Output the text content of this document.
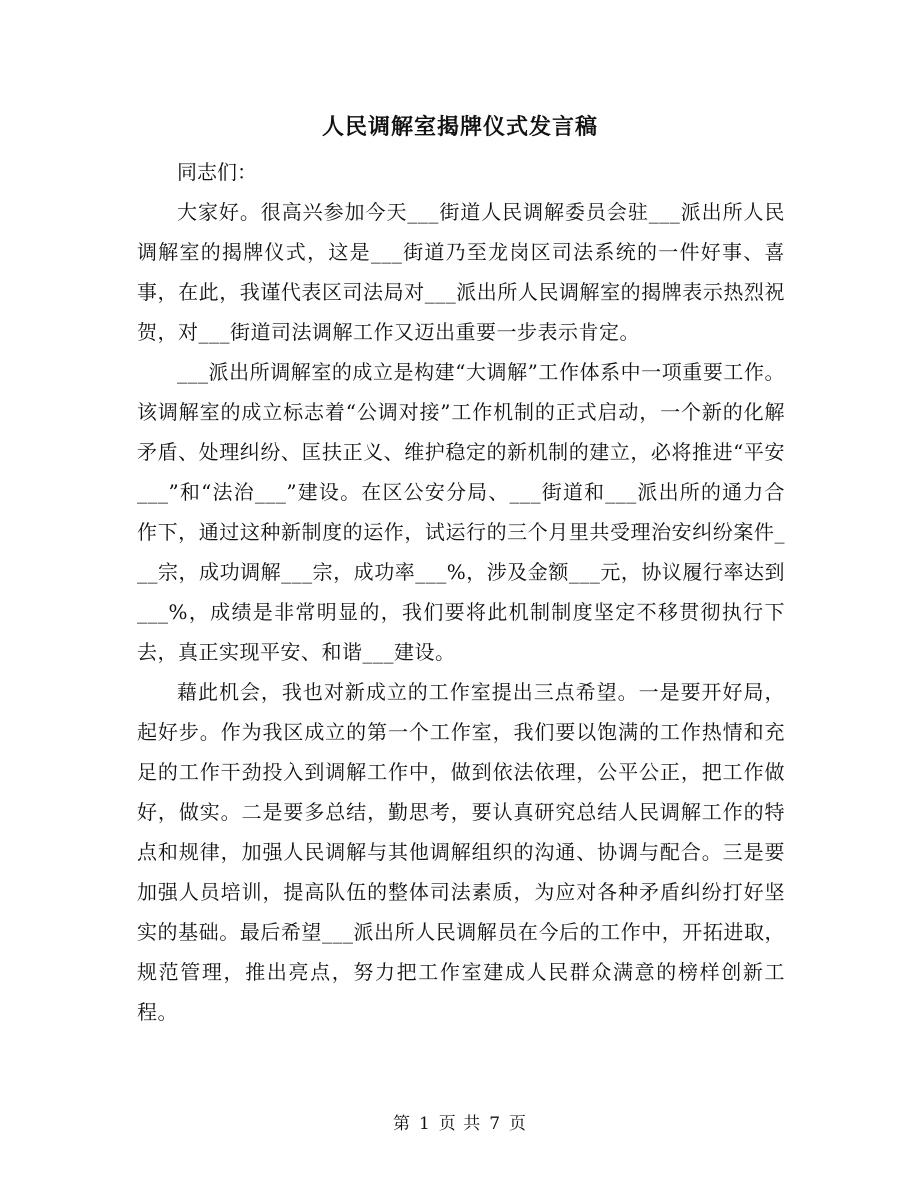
人民调解室揭牌仪式发言稿

同志们：

大家好。很高兴参加今天___街道人民调解委员会驻___派出所人民调解室的揭牌仪式，这是___街道乃至龙岗区司法系统的一件好事、喜事，在此，我谨代表区司法局对___派出所人民调解室的揭牌表示热烈祝贺，对___街道司法调解工作又迈出重要一步表示肯定。

___派出所调解室的成立是构建“大调解”工作体系中一项重要工作。该调解室的成立标志着“公调对接”工作机制的正式启动，一个新的化解矛盾、处理纠纷、匡扶正义、维护稳定的新机制的建立，必将推进“平安___”和“法治___”建设。在区公安分局、___街道和___派出所的通力合作下，通过这种新制度的运作，试运行的三个月里共受理治安纠纷案件___宗，成功调解___宗，成功率___%，涉及金额___元，协议履行率达到___%，成绩是非常明显的，我们要将此机制制度坚定不移贯彻执行下去，真正实现平安、和谐___建设。

藉此机会，我也对新成立的工作室提出三点希望。一是要开好局，起好步。作为我区成立的第一个工作室，我们要以饱满的工作热情和充足的工作干劲投入到调解工作中，做到依法依理，公平公正，把工作做好，做实。二是要多总结，勤思考，要认真研究总结人民调解工作的特点和规律，加强人民调解与其他调解组织的沟通、协调与配合。三是要加强人员培训，提高队伍的整体司法素质，为应对各种矛盾纠纷打好坚实的基础。最后希望___派出所人民调解员在今后的工作中，开拓进取，规范管理，推出亮点，努力把工作室建成人民群众满意的榜样创新工程。

第 1 页 共 7 页
